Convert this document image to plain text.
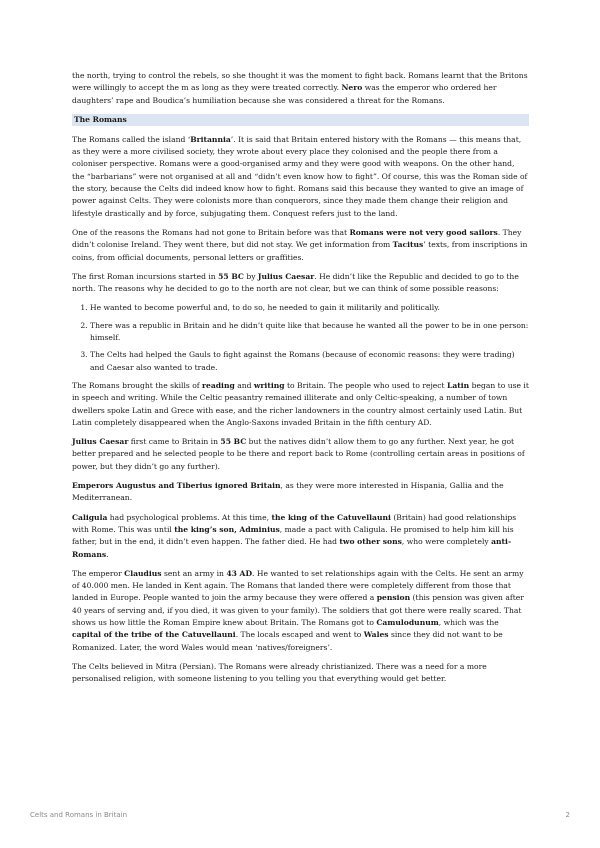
the north, trying to control the rebels, so she thought it was the moment to fight back. Romans learnt that the Britons were willingly to accept the m as long as they were treated correctly. Nero was the emperor who ordered her daughters’ rape and Boudica’s humiliation because she was considered a threat for the Romans.

The Romans

The Romans called the island ‘Britannia’. It is said that Britain entered history with the Romans — this means that, as they were a more civilised society, they wrote about every place they colonised and the people there from a coloniser perspective. Romans were a good-organised army and they were good with weapons. On the other hand, the “barbarians” were not organised at all and “didn’t even know how to fight”. Of course, this was the Roman side of the story, because the Celts did indeed know how to fight. Romans said this because they wanted to give an image of power against Celts. They were colonists more than conquerors, since they made them change their religion and lifestyle drastically and by force, subjugating them. Conquest refers just to the land.

One of the reasons the Romans had not gone to Britain before was that Romans were not very good sailors. They didn’t colonise Ireland. They went there, but did not stay. We get information from Tacitus’ texts, from inscriptions in coins, from official documents, personal letters or graffities.

The first Roman incursions started in 55 BC by Julius Caesar. He didn’t like the Republic and decided to go to the north. The reasons why he decided to go to the north are not clear, but we can think of some possible reasons:

1. He wanted to become powerful and, to do so, he needed to gain it militarily and politically.
2. There was a republic in Britain and he didn’t quite like that because he wanted all the power to be in one person: himself.
3. The Celts had helped the Gauls to fight against the Romans (because of economic reasons: they were trading) and Caesar also wanted to trade.

The Romans brought the skills of reading and writing to Britain. The people who used to reject Latin began to use it in speech and writing. While the Celtic peasantry remained illiterate and only Celtic-speaking, a number of town dwellers spoke Latin and Grece with ease, and the richer landowners in the country almost certainly used Latin. But Latin completely disappeared when the Anglo-Saxons invaded Britain in the fifth century AD.

Julius Caesar first came to Britain in 55 BC but the natives didn’t allow them to go any further. Next year, he got better prepared and he selected people to be there and report back to Rome (controlling certain areas in positions of power, but they didn’t go any further).

Emperors Augustus and Tiberius ignored Britain, as they were more interested in Hispania, Gallia and the Mediterranean.

Caligula had psychological problems. At this time, the king of the Catuvellauni (Britain) had good relationships with Rome. This was until the king’s son, Adminius, made a pact with Caligula. He promised to help him kill his father, but in the end, it didn’t even happen. The father died. He had two other sons, who were completely anti-Romans.

The emperor Claudius sent an army in 43 AD. He wanted to set relationships again with the Celts. He sent an army of 40.000 men. He landed in Kent again. The Romans that landed there were completely different from those that landed in Europe. People wanted to join the army because they were offered a pension (this pension was given after 40 years of serving and, if you died, it was given to your family). The soldiers that got there were really scared. That shows us how little the Roman Empire knew about Britain. The Romans got to Camulodunum, which was the capital of the tribe of the Catuvellauni. The locals escaped and went to Wales since they did not want to be Romanized. Later, the word Wales would mean ‘natives/foreigners’.

The Celts believed in Mitra (Persian). The Romans were already christianized. There was a need for a more personalised religion, with someone listening to you telling you that everything would get better.

Celts and Romans in Britain	2
